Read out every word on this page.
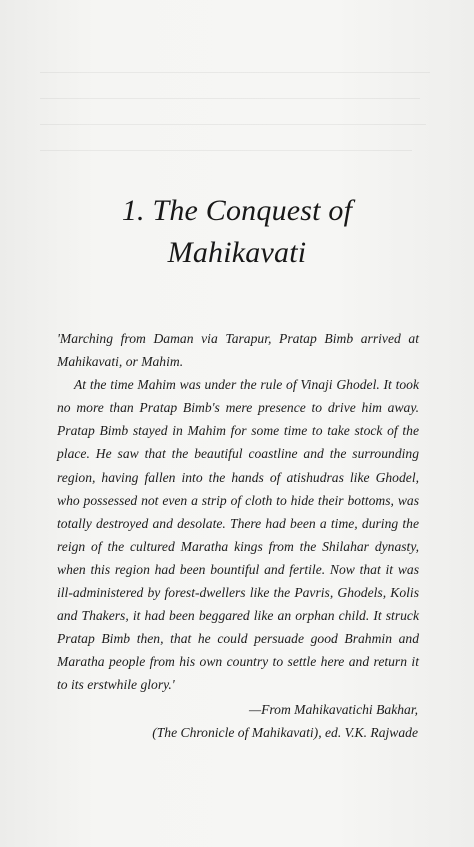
1. The Conquest of
Mahikavati

'Marching from Daman via Tarapur, Pratap Bimb arrived at Mahikavati, or Mahim.

At the time Mahim was under the rule of Vinaji Ghodel. It took no more than Pratap Bimb's mere presence to drive him away. Pratap Bimb stayed in Mahim for some time to take stock of the place. He saw that the beautiful coastline and the surrounding region, having fallen into the hands of atishudras like Ghodel, who possessed not even a strip of cloth to hide their bottoms, was totally destroyed and desolate. There had been a time, during the reign of the cultured Maratha kings from the Shilahar dynasty, when this region had been bountiful and fertile. Now that it was ill-administered by forest-dwellers like the Pavris, Ghodels, Kolis and Thakers, it had been beggared like an orphan child. It struck Pratap Bimb then, that he could persuade good Brahmin and Maratha people from his own country to settle here and return it to its erstwhile glory.'

—From Mahikavatichi Bakhar,
(The Chronicle of Mahikavati), ed. V.K. Rajwade
